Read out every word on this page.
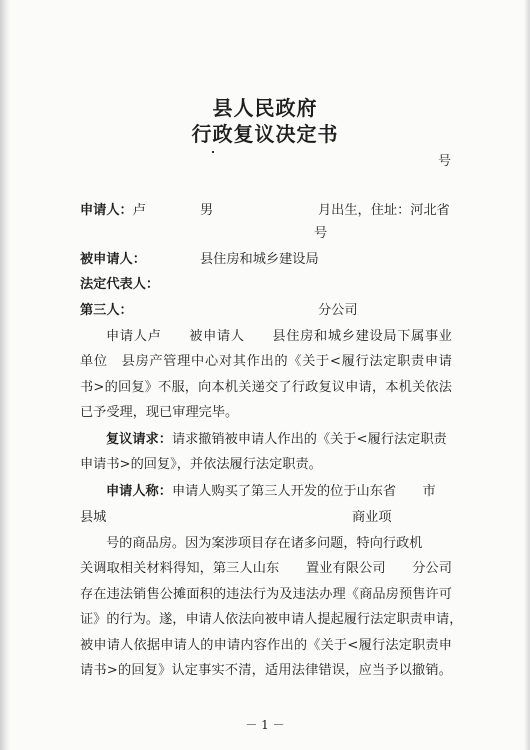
县人民政府
行政复议决定书
号
申请人：卢	男	月出生，住址：河北省
号
被申请人：	县住房和城乡建设局
法定代表人：
第三人：	分公司
申请人卢　　被申请人　　县住房和城乡建设局下属事业
单位　县房产管理中心对其作出的《关于<履行法定职责申请
书>的回复》不服，向本机关递交了行政复议申请，本机关依法
已予受理，现已审理完毕。
复议请求：请求撤销被申请人作出的《关于<履行法定职责
申请书>的回复》，并依法履行法定职责。
申请人称：申请人购买了第三人开发的位于山东省　　市
县城	商业项
号的商品房。因为案涉项目存在诸多问题，特向行政机
关调取相关材料得知，第三人山东　　置业有限公司　　分公司
存在违法销售公摊面积的违法行为及违法办理《商品房预售许可
证》的行为。遂，申请人依法向被申请人提起履行法定职责申请，
被申请人依据申请人的申请内容作出的《关于<履行法定职责申
请书>的回复》认定事实不清，适用法律错误，应当予以撤销。
－ 1 －
